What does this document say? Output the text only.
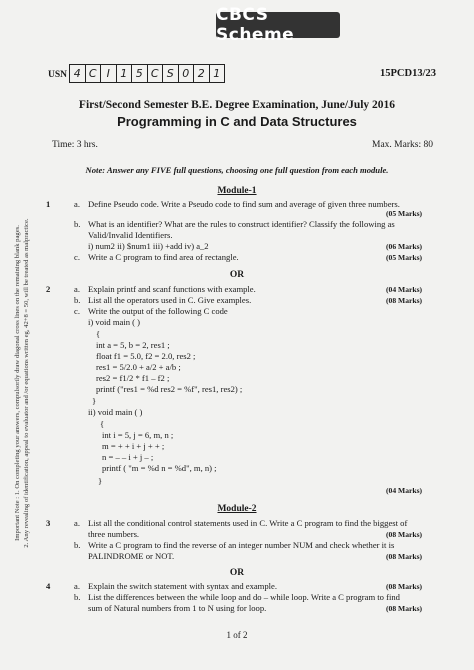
CBCS Scheme
USN 4 C I 1 5 C S 0 2 1	15PCD13/23
First/Second Semester B.E. Degree Examination, June/July 2016
Programming in C and Data Structures
Time: 3 hrs.	Max. Marks: 80
Note: Answer any FIVE full questions, choosing one full question from each module.
Important Note : 1. On completing your answers, compulsorily draw diagonal cross lines on the remaining blank pages. 2. Any revealing of identification, appeal to evaluator and /or equations written eg, 42+8 = 50, will be treated as malpractice.
Module-1
1	a. Define Pseudo code. Write a Pseudo code to find sum and average of given three numbers.
(05 Marks)
b. What is an identifier? What are the rules to construct identifier? Classify the following as
Valid/Invalid Identifiers.
i) num2 ii) $num1 iii) +add iv) a_2	(06 Marks)
c. Write a C program to find area of rectangle.	(05 Marks)
OR
2	a. Explain printf and scanf functions with example.	(04 Marks)
b. List all the operators used in C. Give examples.	(08 Marks)
c. Write the output of the following C code
i) void main ( )
{
int a = 5, b = 2, res1 ;
float f1 = 5.0, f2 = 2.0, res2 ;
res1 = 5/2.0 + a/2 + a/b ;
res2 = f1/2 * f1 – f2 ;
printf ("res1 = %d res2 = %f", res1, res2) ;
}
ii) void main ( )
{
int i = 5, j = 6, m, n ;
m = + + i + j + + ;
n = – – i + j – ;
printf ( "m = %d n = %d", m, n) ;
}
(04 Marks)
Module-2
3	a. List all the conditional control statements used in C. Write a C program to find the biggest of
three numbers.	(08 Marks)
b. Write a C program to find the reverse of an integer number NUM and check whether it is
PALINDROME or NOT.	(08 Marks)
OR
4	a. Explain the switch statement with syntax and example.	(08 Marks)
b. List the differences between the while loop and do – while loop. Write a C program to find
sum of Natural numbers from 1 to N using for loop.	(08 Marks)
1 of 2
